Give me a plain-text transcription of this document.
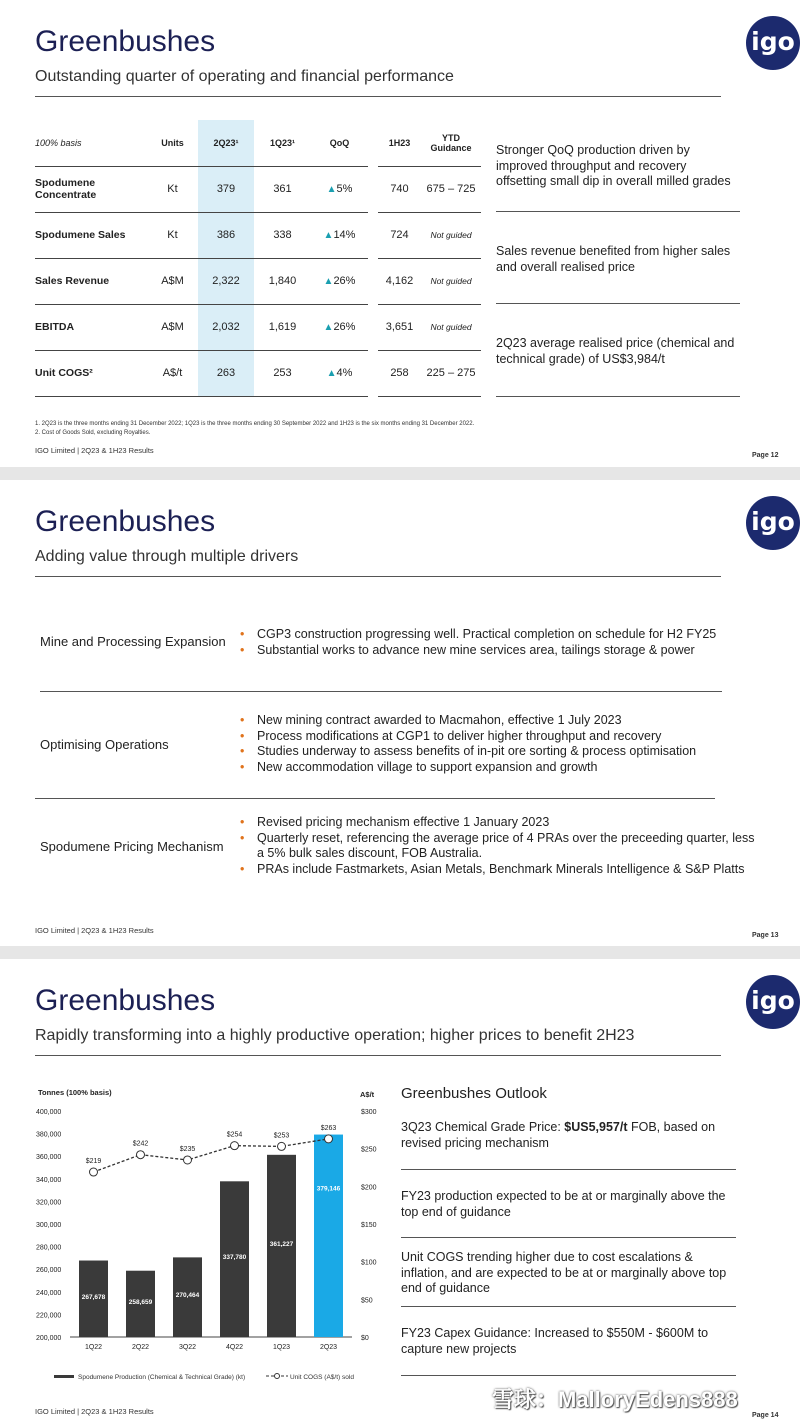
Greenbushes
Outstanding quarter of operating and financial performance
igo
100% basis	Units	2Q23¹	1Q23¹	QoQ		1H23	YTD Guidance
Spodumene Concentrate	Kt	379	361	▲5%		740	675 – 725
Spodumene Sales	Kt	386	338	▲14%		724	Not guided
Sales Revenue	A$M	2,322	1,840	▲26%		4,162	Not guided
EBITDA	A$M	2,032	1,619	▲26%		3,651	Not guided
Unit COGS²	A$/t	263	253	▲4%		258	225 – 275
Stronger QoQ production driven by improved throughput and recovery offsetting small dip in overall milled grades
Sales revenue benefited from higher sales and overall realised price
2Q23 average realised price (chemical and technical grade) of US$3,984/t
1. 2Q23 is the three months ending 31 December 2022; 1Q23 is the three months ending 30 September 2022 and 1H23 is the six months ending 31 December 2022.
2. Cost of Goods Sold, excluding Royalties.
IGO Limited | 2Q23 & 1H23 Results
Page 12
Greenbushes
Adding value through multiple drivers
igo
Mine and Processing Expansion • CGP3 construction progressing well. Practical completion on schedule for H2 FY25
• Substantial works to advance new mine services area, tailings storage & power
Optimising Operations
• New mining contract awarded to Macmahon, effective 1 July 2023
• Process modifications at CGP1 to deliver higher throughput and recovery
• Studies underway to assess benefits of in-pit ore sorting & process optimisation
• New accommodation village to support expansion and growth
Spodumene Pricing Mechanism
• Revised pricing mechanism effective 1 January 2023
• Quarterly reset, referencing the average price of 4 PRAs over the preceeding quarter, less a 5% bulk sales discount, FOB Australia.
• PRAs include Fastmarkets, Asian Metals, Benchmark Minerals Intelligence & S&P Platts
IGO Limited | 2Q23 & 1H23 Results
Page 13
Greenbushes
Rapidly transforming into a highly productive operation; higher prices to benefit 2H23
igo
Tonnes (100% basis)	A$/t
400,000
380,000
360,000
340,000
320,000
300,000
280,000
260,000
240,000
220,000
200,000
$300
$250
$200
$150
$100
$50
$0
267,678
1Q22
258,659
2Q22
270,464
3Q22
337,780
4Q22
361,227
1Q23
379,146
2Q23
$219
$242
$235
$254	$253
$263
Spodumene Production (Chemical & Technical Grade) (kt)	Unit COGS (A$/t) sold
Greenbushes Outlook
3Q23 Chemical Grade Price: $US5,957/t FOB, based on revised pricing mechanism
FY23 production expected to be at or marginally above the top end of guidance
Unit COGS trending higher due to cost escalations & inflation, and are expected to be at or marginally above top end of guidance
FY23 Capex Guidance: Increased to $550M - $600M to capture new projects
IGO Limited | 2Q23 & 1H23 Results	Page 14
雪球：MalloryEdens888
